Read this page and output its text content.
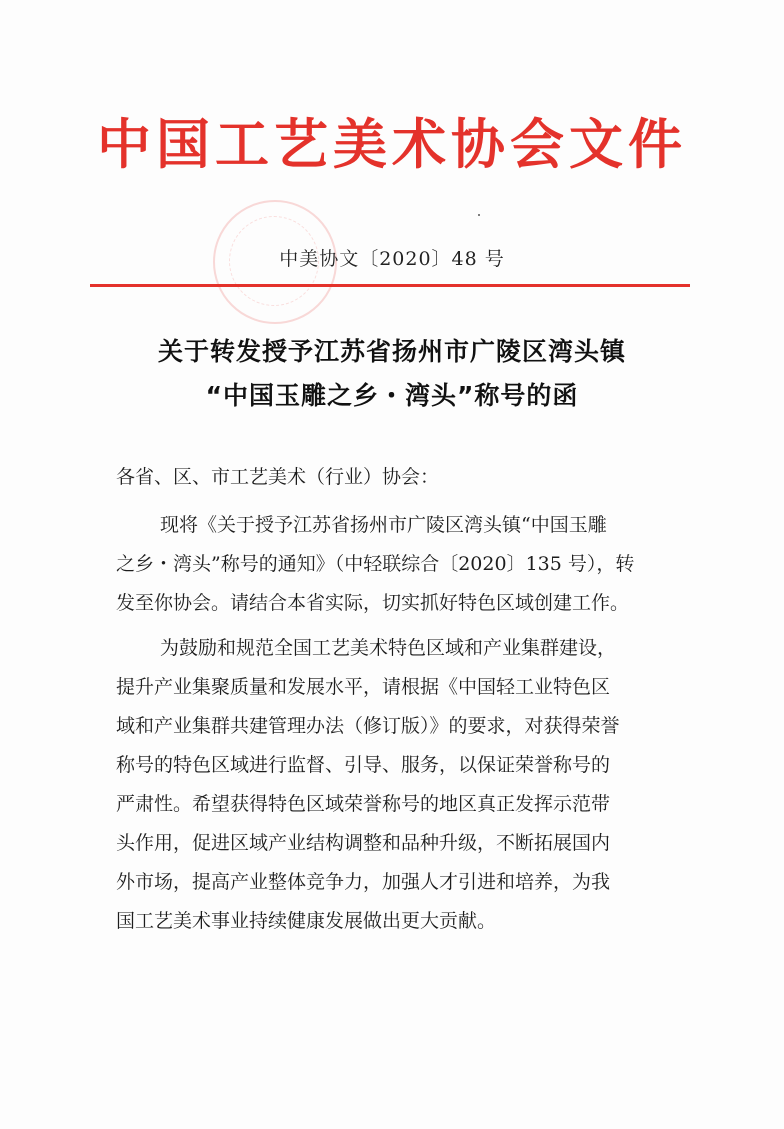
中国工艺美术协会文件
中美协文〔2020〕48 号
关于转发授予江苏省扬州市广陵区湾头镇
“中国玉雕之乡・湾头”称号的函
各省、区、市工艺美术（行业）协会：
现将《关于授予江苏省扬州市广陵区湾头镇“中国玉雕
之乡・湾头”称号的通知》（中轻联综合〔2020〕135 号），转
发至你协会。请结合本省实际，切实抓好特色区域创建工作。
为鼓励和规范全国工艺美术特色区域和产业集群建设，
提升产业集聚质量和发展水平，请根据《中国轻工业特色区
域和产业集群共建管理办法（修订版）》的要求，对获得荣誉
称号的特色区域进行监督、引导、服务，以保证荣誉称号的
严肃性。希望获得特色区域荣誉称号的地区真正发挥示范带
头作用，促进区域产业结构调整和品种升级，不断拓展国内
外市场，提高产业整体竞争力，加强人才引进和培养，为我
国工艺美术事业持续健康发展做出更大贡献。
